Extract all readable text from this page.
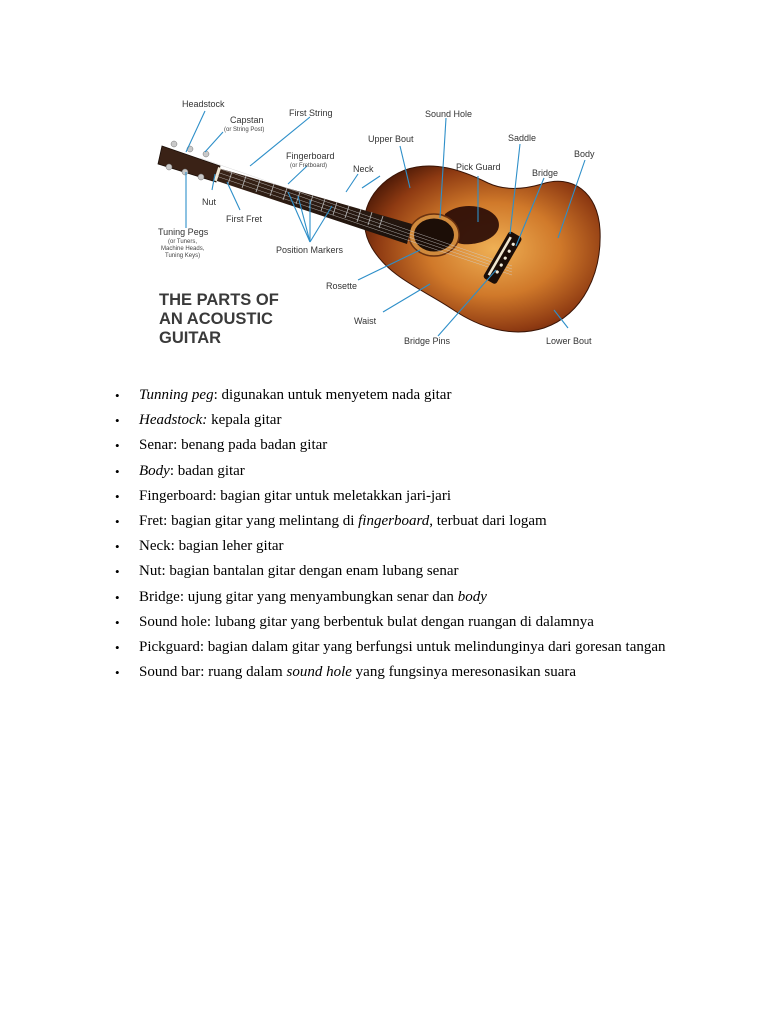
Headstock
Capstan
(or String Post)
First String
Fingerboard
(or Fretboard)	Neck
Sound Hole
Upper Bout
Pick Guard
Saddle
Bridge
Body
Nut
First Fret
Tuning Pegs
(or Tuners,
Machine Heads,
Tuning Keys)
Position Markers
Rosette
Waist
Bridge Pins	Lower Bout
THE PARTS OF
AN ACOUSTIC
GUITAR
• Tunning peg: digunakan untuk menyetem nada gitar
• Headstock: kepala gitar
• Senar: benang pada badan gitar
• Body: badan gitar
• Fingerboard: bagian gitar untuk meletakkan jari-jari
• Fret: bagian gitar yang melintang di fingerboard, terbuat dari logam
• Neck: bagian leher gitar
• Nut: bagian bantalan gitar dengan enam lubang senar
• Bridge: ujung gitar yang menyambungkan senar dan body
• Sound hole: lubang gitar yang berbentuk bulat dengan ruangan di dalamnya
• Pickguard: bagian dalam gitar yang berfungsi untuk melindunginya dari goresan tangan
• Sound bar: ruang dalam sound hole yang fungsinya meresonasikan suara
